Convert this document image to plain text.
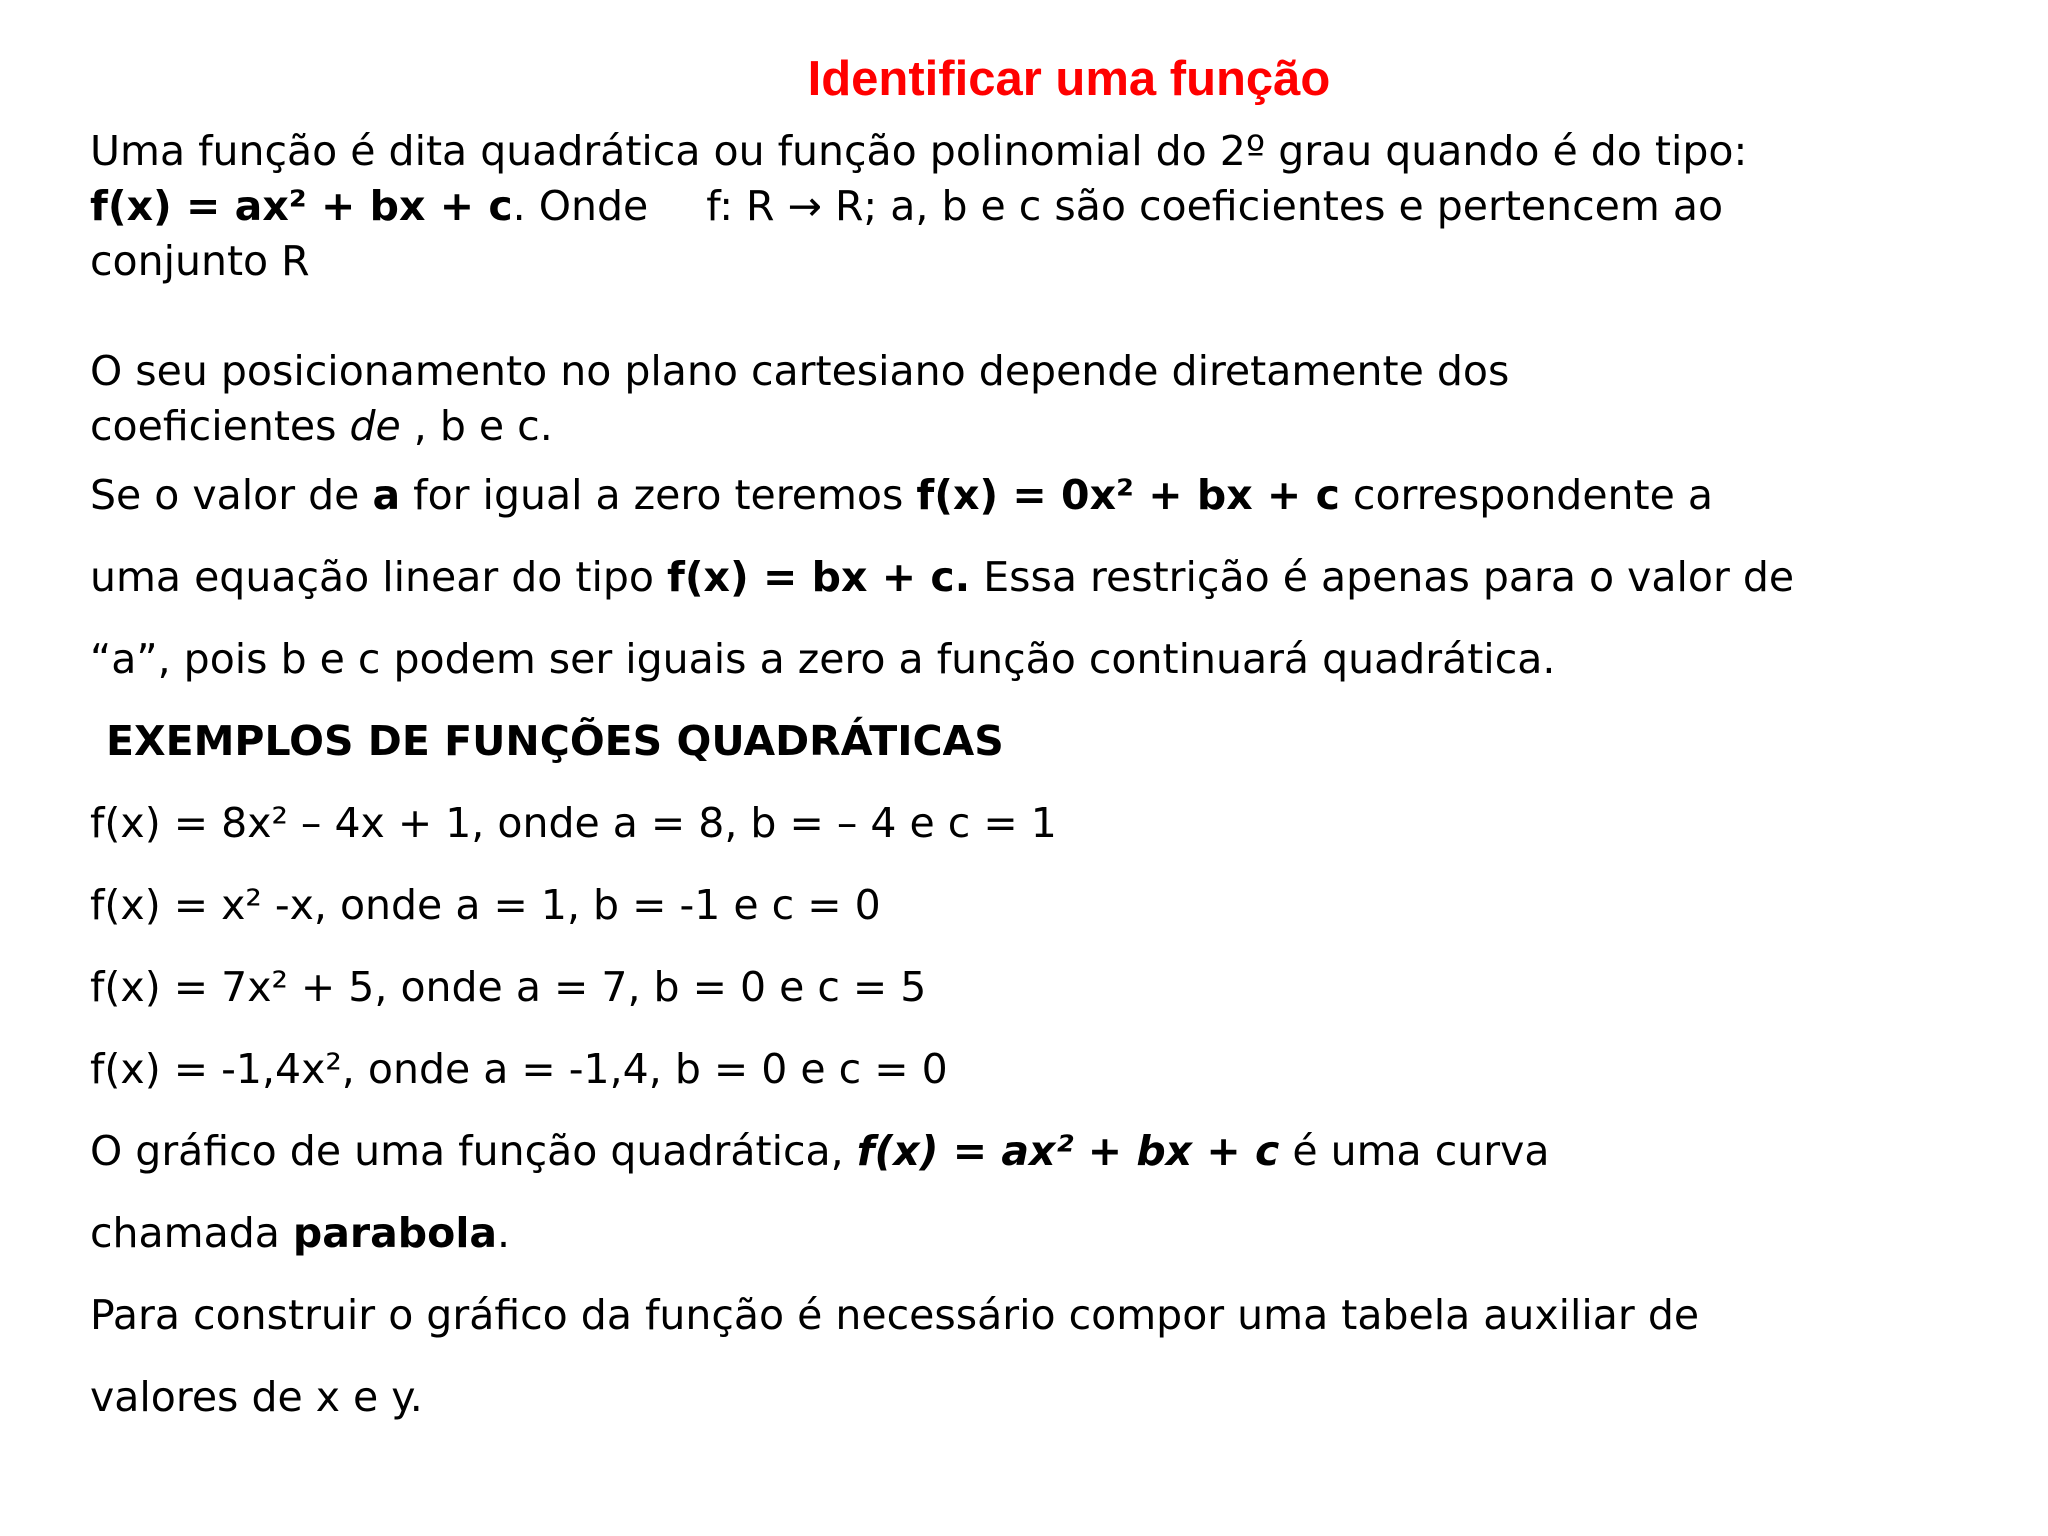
Identificar uma função

Uma função é dita quadrática ou função polinomial do 2º grau quando é do tipo:

f(x) = ax² + bx + c. Onde f: R → R; a, b e c são coeficientes e pertencem ao

conjunto R

O seu posicionamento no plano cartesiano depende diretamente dos

coeficientes de , b e c.

Se o valor de a for igual a zero teremos f(x) = 0x² + bx + c correspondente a

uma equação linear do tipo f(x) = bx + c. Essa restrição é apenas para o valor de

“a”, pois b e c podem ser iguais a zero a função continuará quadrática.

EXEMPLOS DE FUNÇÕES QUADRÁTICAS

f(x) = 8x² – 4x + 1, onde a = 8, b = – 4 e c = 1

f(x) = x² -x, onde a = 1, b = -1 e c = 0

f(x) = 7x² + 5, onde a = 7, b = 0 e c = 5

f(x) = -1,4x², onde a = -1,4, b = 0 e c = 0

O gráfico de uma função quadrática, f(x) = ax² + bx + c é uma curva

chamada parabola.

Para construir o gráfico da função é necessário compor uma tabela auxiliar de

valores de x e y.
